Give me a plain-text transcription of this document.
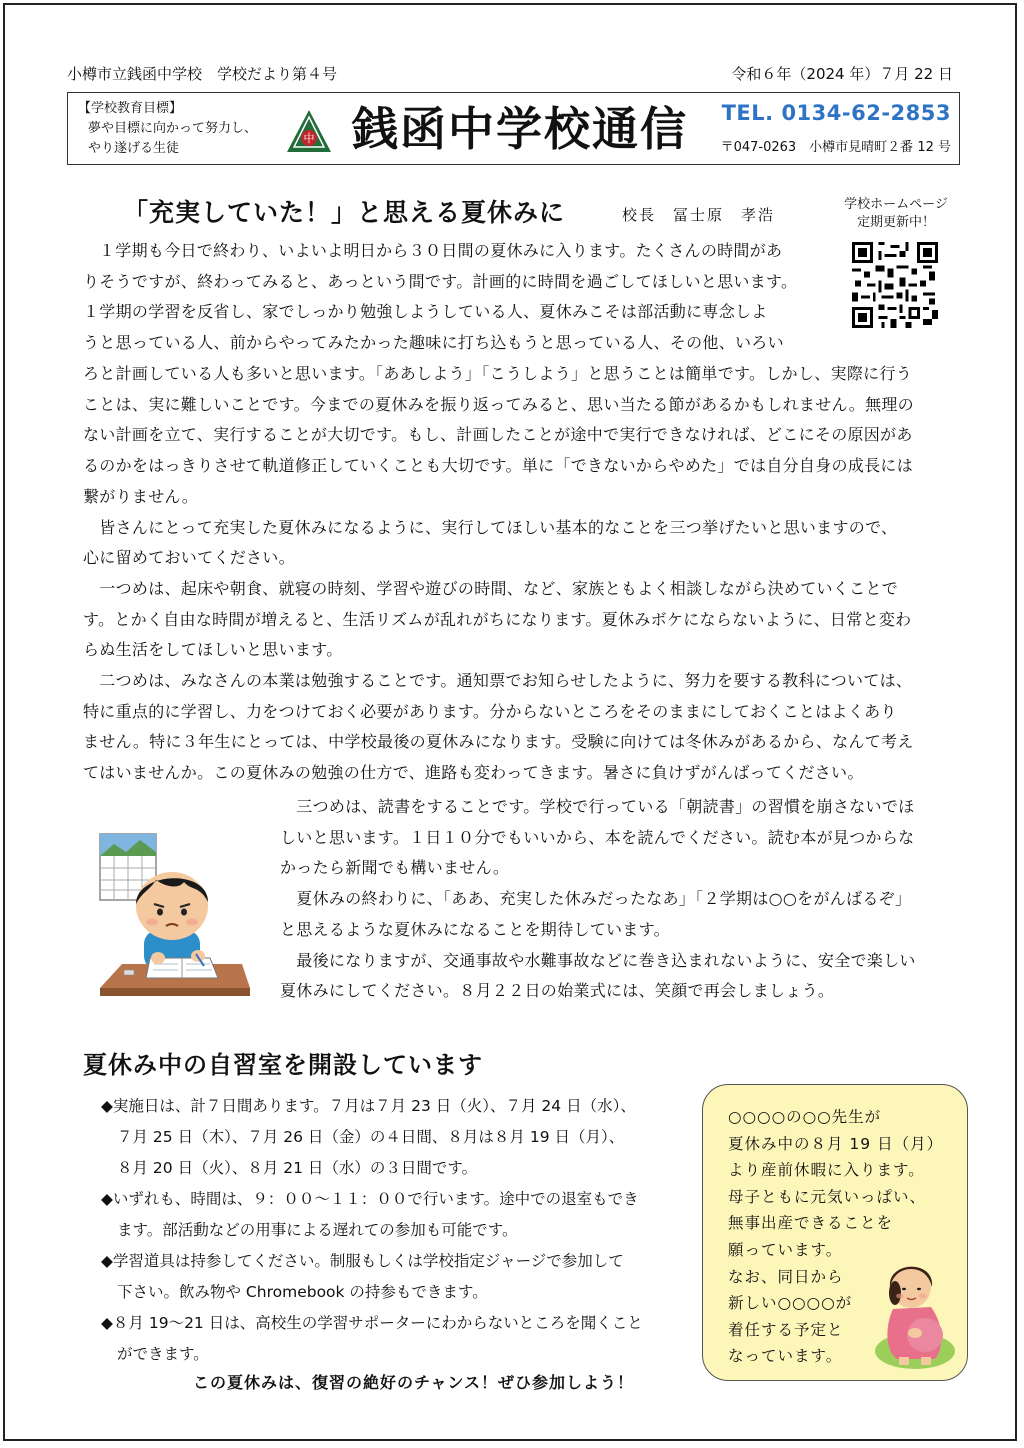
小樽市立銭函中学校　学校だより第４号	令和６年（2024 年）７月 22 日
【学校教育目標】
夢や目標に向かって努力し、
やり遂げる生徒
中 銭函中学校通信 TEL. 0134-62-2853
〒047-0263　小樽市見晴町２番 12 号
「充実していた！」と思える夏休みに	校長　冨士原　孝浩
学校ホームページ
定期更新中！

１学期も今日で終わり、いよいよ明日から３０日間の夏休みに入ります。たくさんの時間があ

りそうですが、終わってみると、あっという間です。計画的に時間を過ごしてほしいと思います。

１学期の学習を反省し、家でしっかり勉強しようしている人、夏休みこそは部活動に専念しよ

うと思っている人、前からやってみたかった趣味に打ち込もうと思っている人、その他、いろい

ろと計画している人も多いと思います。「ああしよう」「こうしよう」と思うことは簡単です。しかし、実際に行う

ことは、実に難しいことです。今までの夏休みを振り返ってみると、思い当たる節があるかもしれません。無理の

ない計画を立て、実行することが大切です。もし、計画したことが途中で実行できなければ、どこにその原因があ

るのかをはっきりさせて軌道修正していくことも大切です。単に「できないからやめた」では自分自身の成長には

繋がりません。

　皆さんにとって充実した夏休みになるように、実行してほしい基本的なことを三つ挙げたいと思いますので、

心に留めておいてください。

　一つめは、起床や朝食、就寝の時刻、学習や遊びの時間、など、家族ともよく相談しながら決めていくことで

す。とかく自由な時間が増えると、生活リズムが乱れがちになります。夏休みボケにならないように、日常と変わ

らぬ生活をしてほしいと思います。

　二つめは、みなさんの本業は勉強することです。通知票でお知らせしたように、努力を要する教科については、

特に重点的に学習し、力をつけておく必要があります。分からないところをそのままにしておくことはよくあり

ません。特に３年生にとっては、中学校最後の夏休みになります。受験に向けては冬休みがあるから、なんて考え

てはいませんか。この夏休みの勉強の仕方で、進路も変わってきます。暑さに負けずがんばってください。

　三つめは、読書をすることです。学校で行っている「朝読書」の習慣を崩さないでほ

しいと思います。１日１０分でもいいから、本を読んでください。読む本が見つからな

かったら新聞でも構いません。

　夏休みの終わりに、「ああ、充実した休みだったなあ」「２学期は○○をがんばるぞ」

と思えるような夏休みになることを期待しています。

　最後になりますが、交通事故や水難事故などに巻き込まれないように、安全で楽しい

夏休みにしてください。８月２２日の始業式には、笑顔で再会しましょう。

夏休み中の自習室を開設しています

◆実施日は、計７日間あります。７月は７月 23 日（火）、７月 24 日（水）、

７月 25 日（木）、７月 26 日（金）の４日間、８月は８月 19 日（月）、

８月 20 日（火）、８月 21 日（水）の３日間です。

◆いずれも、時間は、９：００～１１：００で行います。途中での退室もでき

ます。部活動などの用事による遅れての参加も可能です。

◆学習道具は持参してください。制服もしくは学校指定ジャージで参加して

下さい。飲み物や Chromebook の持参もできます。

◆８月 19～21 日は、高校生の学習サポーターにわからないところを聞くこと

ができます。

この夏休みは、復習の絶好のチャンス！ぜひ参加しよう！
○○○○の○○先生が
夏休み中の８月 19 日（月）
より産前休暇に入ります。
母子ともに元気いっぱい、
無事出産できることを
願っています。
なお、同日から
新しい○○○○が
着任する予定と
なっています。
